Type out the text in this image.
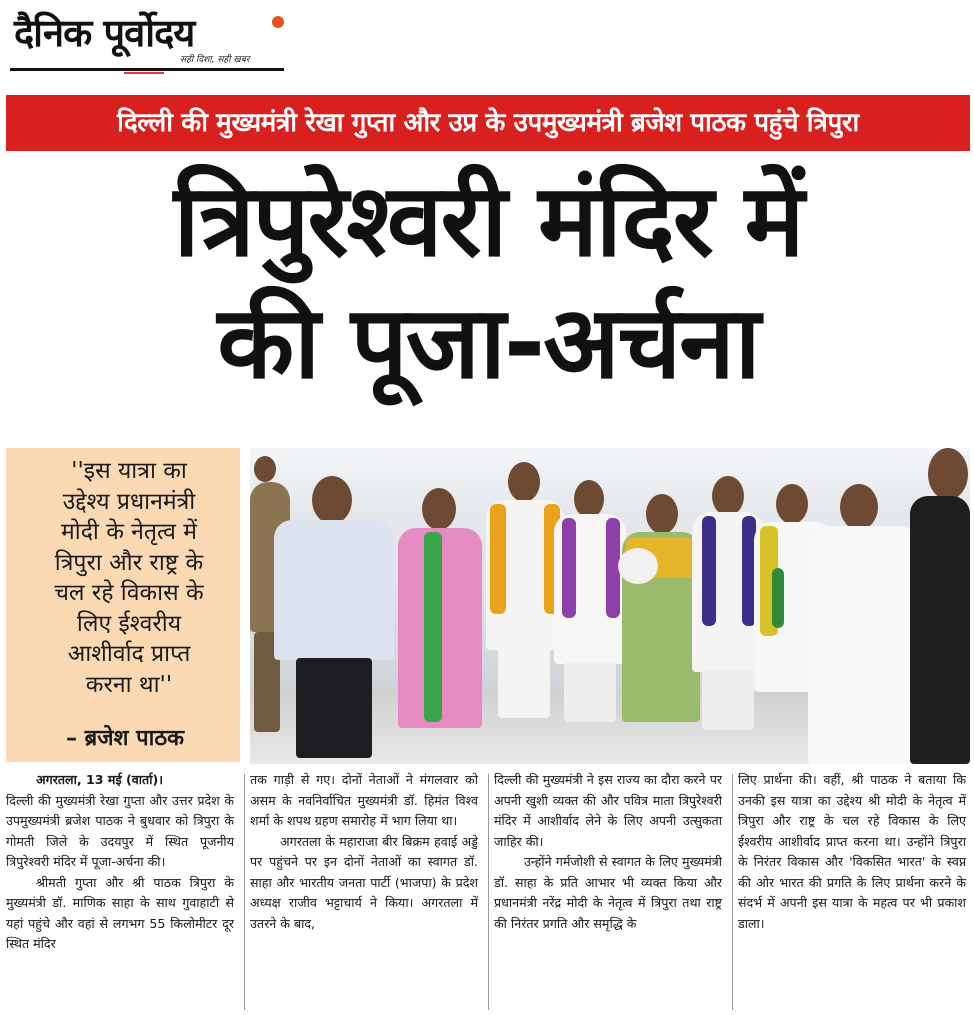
दैनिक पूर्वोदय
सही दिशा, सही खबर
दिल्ली की मुख्यमंत्री रेखा गुप्ता और उप्र के उपमुख्यमंत्री ब्रजेश पाठक पहुंचे त्रिपुरा
त्रिपुरेश्वरी मंदिर में
की पूजा-अर्चना
''इस यात्रा का
उद्देश्य प्रधानमंत्री
मोदी के नेतृत्व में
त्रिपुरा और राष्ट्र के
चल रहे विकास के
लिए ईश्वरीय
आशीर्वाद प्राप्त
करना था''
– ब्रजेश पाठक

अगरतला, 13 मई (वार्ता)।

दिल्ली की मुख्यमंत्री रेखा गुप्ता और उत्तर प्रदेश के उपमुख्यमंत्री ब्रजेश पाठक ने बुधवार को त्रिपुरा के गोमती जिले के उदयपुर में स्थित पूजनीय त्रिपुरेश्वरी मंदिर में पूजा-अर्चना की।

श्रीमती गुप्ता और श्री पाठक त्रिपुरा के मुख्यमंत्री डॉ. माणिक साहा के साथ गुवाहाटी से यहां पहुंचे और वहां से लगभग 55 किलोमीटर दूर स्थित मंदिर

तक गाड़ी से गए। दोनों नेताओं ने मंगलवार को असम के नवनिर्वाचित मुख्यमंत्री डॉ. हिमंत विश्व शर्मा के शपथ ग्रहण समारोह में भाग लिया था।

अगरतला के महाराजा बीर बिक्रम हवाई अड्डे पर पहुंचने पर इन दोनों नेताओं का स्वागत डॉ. साहा और भारतीय जनता पार्टी (भाजपा) के प्रदेश अध्यक्ष राजीव भट्टाचार्य ने किया। अगरतला में उतरने के बाद,

दिल्ली की मुख्यमंत्री ने इस राज्य का दौरा करने पर अपनी खुशी व्यक्त की और पवित्र माता त्रिपुरेश्वरी मंदिर में आशीर्वाद लेने के लिए अपनी उत्सुकता जाहिर की।

उन्होंने गर्मजोशी से स्वागत के लिए मुख्यमंत्री डॉ. साहा के प्रति आभार भी व्यक्त किया और प्रधानमंत्री नरेंद्र मोदी के नेतृत्व में त्रिपुरा तथा राष्ट्र की निरंतर प्रगति और समृद्धि के

लिए प्रार्थना की। वहीं, श्री पाठक ने बताया कि उनकी इस यात्रा का उद्देश्य श्री मोदी के नेतृत्व में त्रिपुरा और राष्ट्र के चल रहे विकास के लिए ईश्वरीय आशीर्वाद प्राप्त करना था। उन्होंने त्रिपुरा के निरंतर विकास और 'विकसित भारत' के स्वप्न की ओर भारत की प्रगति के लिए प्रार्थना करने के संदर्भ में अपनी इस यात्रा के महत्व पर भी प्रकाश डाला।
